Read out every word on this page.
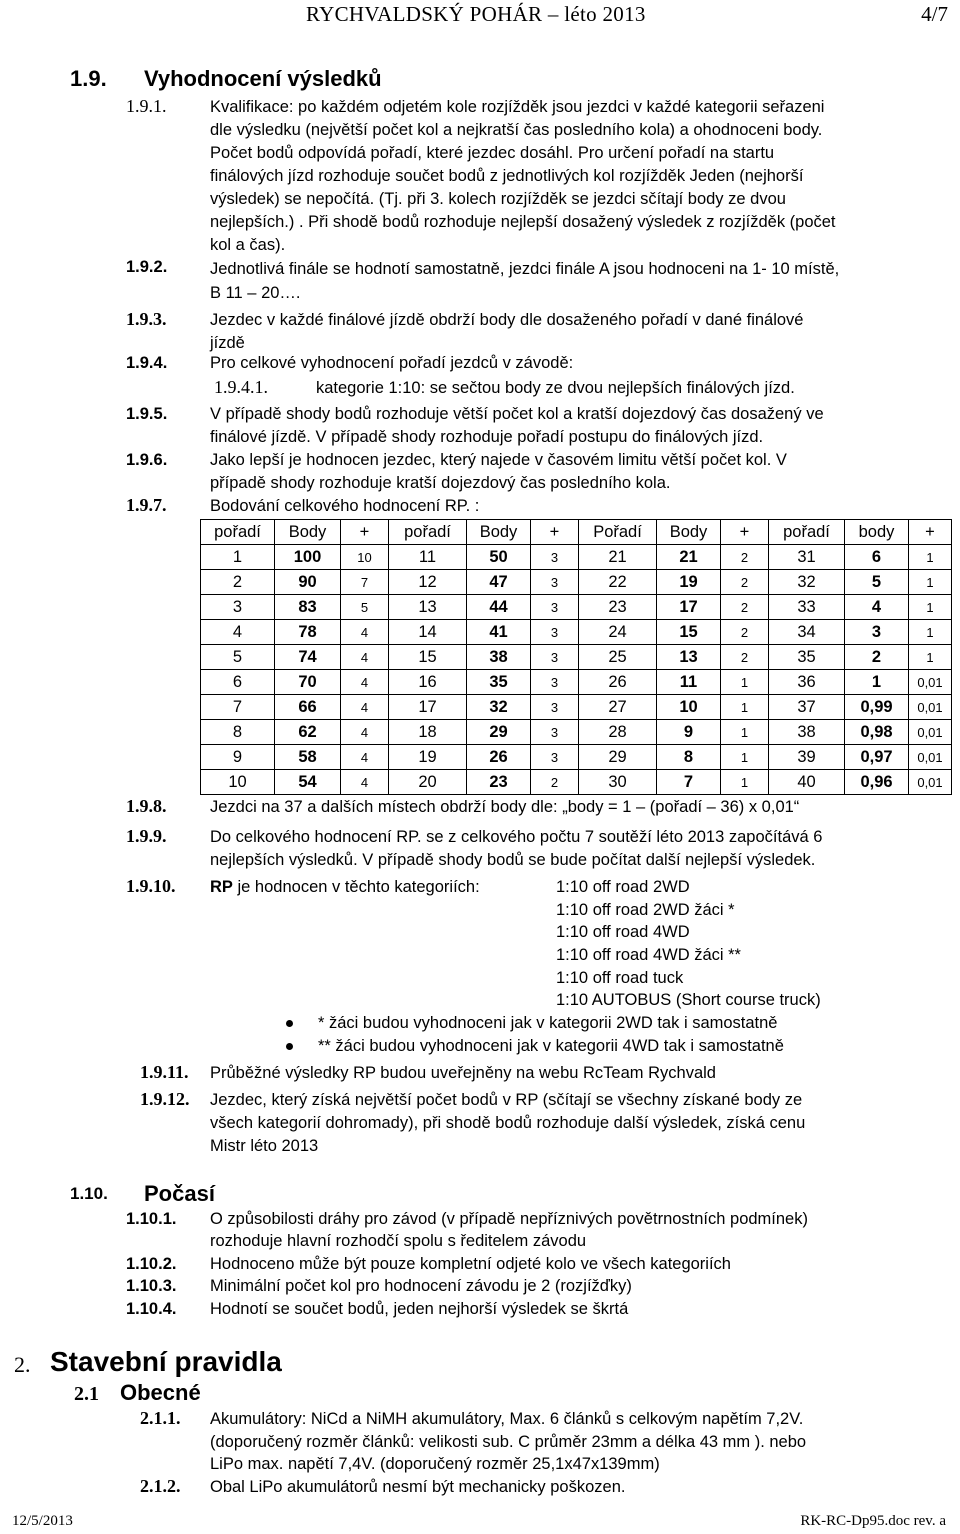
RYCHVALDSKÝ POHÁR – léto 2013	4/7
1.9. Vyhodnocení výsledků
1.9.1.	Kvalifikace: po každém odjetém kole rozjížděk jsou jezdci v každé kategorii seřazeni
dle výsledku (největší počet kol a nejkratší čas posledního kola) a ohodnoceni body.
Počet bodů odpovídá pořadí, které jezdec dosáhl. Pro určení pořadí na startu
finálových jízd rozhoduje součet bodů z jednotlivých kol rozjížděk Jeden (nejhorší
výsledek) se nepočítá. (Tj. při 3. kolech rozjížděk se jezdci sčítají body ze dvou
nejlepších.) . Při shodě bodů rozhoduje nejlepší dosažený výsledek z rozjížděk (počet
kol a čas).
1.9.2.	Jednotlivá finále se hodnotí samostatně, jezdci finále A jsou hodnoceni na 1- 10 místě,
B 11 – 20….
1.9.3.	Jezdec v každé finálové jízdě obdrží body dle dosaženého pořadí v dané finálové
jízdě
1.9.4.	Pro celkové vyhodnocení pořadí jezdců v závodě:
1.9.4.1.	kategorie 1:10: se sečtou body ze dvou nejlepších finálových jízd.
1.9.5.	V případě shody bodů rozhoduje větší počet kol a kratší dojezdový čas dosažený ve
finálové jízdě. V případě shody rozhoduje pořadí postupu do finálových jízd.
1.9.6.	Jako lepší je hodnocen jezdec, který najede v časovém limitu větší počet kol. V
případě shody rozhoduje kratší dojezdový čas posledního kola.
1.9.7.	Bodování celkového hodnocení RP. :
pořadí	Body	+	pořadí	Body	+	Pořadí	Body	+	pořadí	body	+
1	100	10	11	50	3	21	21	2	31	6	1
2	90	7	12	47	3	22	19	2	32	5	1
3	83	5	13	44	3	23	17	2	33	4	1
4	78	4	14	41	3	24	15	2	34	3	1
5	74	4	15	38	3	25	13	2	35	2	1
6	70	4	16	35	3	26	11	1	36	1	0,01
7	66	4	17	32	3	27	10	1	37	0,99	0,01
8	62	4	18	29	3	28	9	1	38	0,98	0,01
9	58	4	19	26	3	29	8	1	39	0,97	0,01
10	54	4	20	23	2	30	7	1	40	0,96	0,01
1.9.8.	Jezdci na 37 a dalších místech obdrží body dle: „body = 1 – (pořadí – 36) x 0,01“
1.9.9.	Do celkového hodnocení RP. se z celkového počtu 7 soutěží léto 2013 započítává 6
nejlepších výsledků. V případě shody bodů se bude počítat další nejlepší výsledek.
1.9.10. RP je hodnocen v těchto kategoriích:	1:10 off road 2WD
1:10 off road 2WD žáci *
1:10 off road 4WD
1:10 off road 4WD žáci **
1:10 off road tuck
1:10 AUTOBUS (Short course truck)
* žáci budou vyhodnoceni jak v kategorii 2WD tak i samostatně
** žáci budou vyhodnoceni jak v kategorii 4WD tak i samostatně
1.9.11. Průběžné výsledky RP budou uveřejněny na webu RcTeam Rychvald
1.9.12. Jezdec, který získá největší počet bodů v RP (sčítají se všechny získané body ze
všech kategorií dohromady), při shodě bodů rozhoduje další výsledek, získá cenu
Mistr léto 2013
1.10. Počasí
1.10.1. O způsobilosti dráhy pro závod (v případě nepříznivých povětrnostních podmínek)
rozhoduje hlavní rozhodčí spolu s ředitelem závodu
1.10.2. Hodnoceno může být pouze kompletní odjeté kolo ve všech kategoriích
1.10.3. Minimální počet kol pro hodnocení závodu je 2 (rozjížďky)
1.10.4. Hodnotí se součet bodů, jeden nejhorší výsledek se škrtá
2. Stavební pravidla
2.1 Obecné
2.1.1. Akumulátory: NiCd a NiMH akumulátory, Max. 6 článků s celkovým napětím 7,2V.
(doporučený rozměr článků: velikosti sub. C průměr 23mm a délka 43 mm ). nebo
LiPo max. napětí 7,4V. (doporučený rozměr 25,1x47x139mm)
2.1.2. Obal LiPo akumulátorů nesmí být mechanicky poškozen.
12/5/2013	RK-RC-Dp95.doc rev. a
